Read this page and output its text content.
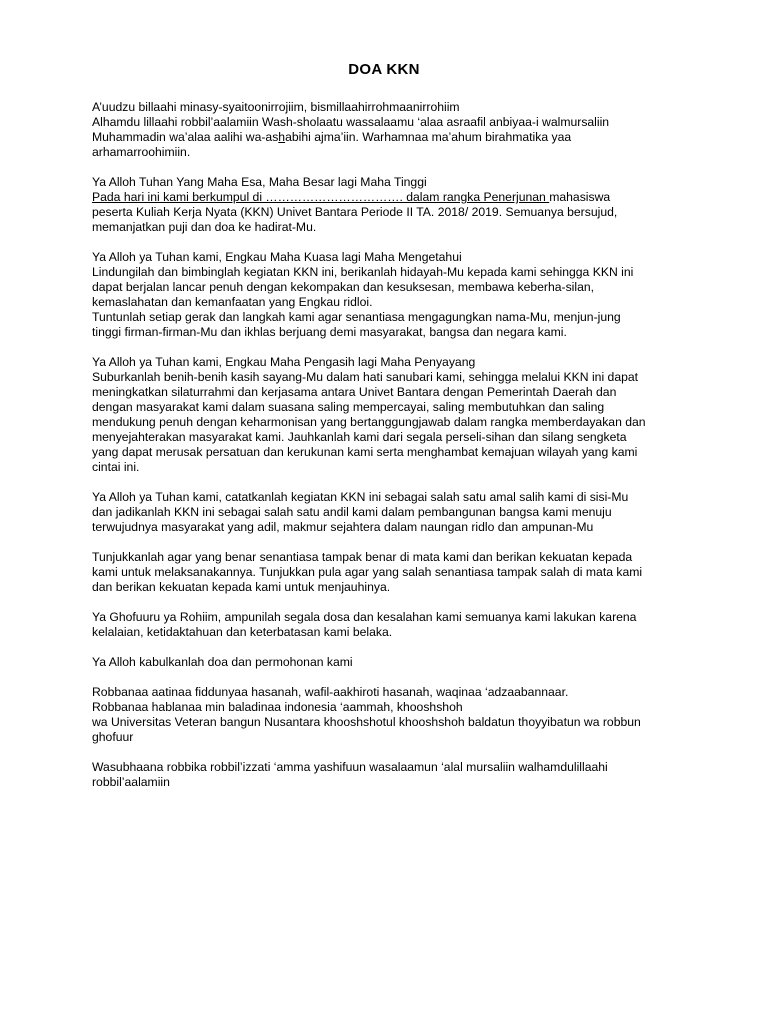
DOA KKN
A’uudzu billaahi minasy-syaitoonirrojiim, bismillaahirrohmaanirrohiim
Alhamdu lillaahi robbil’aalamiin Wash-sholaatu wassalaamu ‘alaa asraafil anbiyaa-i walmursaliin
Muhammadin wa’alaa aalihi wa-ashabihi ajma’iin. Warhamnaa ma’ahum birahmatika yaa
arhamarroohimiin.
Ya Alloh Tuhan Yang Maha Esa, Maha Besar lagi Maha Tinggi
Pada hari ini kami berkumpul di ……………………………. dalam rangka Penerjunan mahasiswa
peserta Kuliah Kerja Nyata (KKN) Univet Bantara Periode II TA. 2018/ 2019. Semuanya bersujud,
memanjatkan puji dan doa ke hadirat-Mu.
Ya Alloh ya Tuhan kami, Engkau Maha Kuasa lagi Maha Mengetahui
Lindungilah dan bimbinglah kegiatan KKN ini, berikanlah hidayah-Mu kepada kami sehingga KKN ini
dapat berjalan lancar penuh dengan kekompakan dan kesuksesan, membawa keberha-silan,
kemaslahatan dan kemanfaatan yang Engkau ridloi.
Tuntunlah setiap gerak dan langkah kami agar senantiasa mengagungkan nama-Mu, menjun-jung
tinggi firman-firman-Mu dan ikhlas berjuang demi masyarakat, bangsa dan negara kami.
Ya Alloh ya Tuhan kami, Engkau Maha Pengasih lagi Maha Penyayang
Suburkanlah benih-benih kasih sayang-Mu dalam hati sanubari kami, sehingga melalui KKN ini dapat
meningkatkan silaturrahmi dan kerjasama antara Univet Bantara dengan Pemerintah Daerah dan
dengan masyarakat kami dalam suasana saling mempercayai, saling membutuhkan dan saling
mendukung penuh dengan keharmonisan yang bertanggungjawab dalam rangka memberdayakan dan
menyejahterakan masyarakat kami. Jauhkanlah kami dari segala perseli-sihan dan silang sengketa
yang dapat merusak persatuan dan kerukunan kami serta menghambat kemajuan wilayah yang kami
cintai ini.
Ya Alloh ya Tuhan kami, catatkanlah kegiatan KKN ini sebagai salah satu amal salih kami di sisi-Mu
dan jadikanlah KKN ini sebagai salah satu andil kami dalam pembangunan bangsa kami menuju
terwujudnya masyarakat yang adil, makmur sejahtera dalam naungan ridlo dan ampunan-Mu
Tunjukkanlah agar yang benar senantiasa tampak benar di mata kami dan berikan kekuatan kepada
kami untuk melaksanakannya. Tunjukkan pula agar yang salah senantiasa tampak salah di mata kami
dan berikan kekuatan kepada kami untuk menjauhinya.
Ya Ghofuuru ya Rohiim, ampunilah segala dosa dan kesalahan kami semuanya kami lakukan karena
kelalaian, ketidaktahuan dan keterbatasan kami belaka.
Ya Alloh kabulkanlah doa dan permohonan kami
Robbanaa aatinaa fiddunyaa hasanah, wafil-aakhiroti hasanah, waqinaa ‘adzaabannaar.
Robbanaa hablanaa min baladinaa indonesia ‘aammah, khooshshoh
wa Universitas Veteran bangun Nusantara khooshshotul khooshshoh baldatun thoyyibatun wa robbun
ghofuur
Wasubhaana robbika robbil’izzati ‘amma yashifuun wasalaamun ‘alal mursaliin walhamdulillaahi
robbil’aalamiin
